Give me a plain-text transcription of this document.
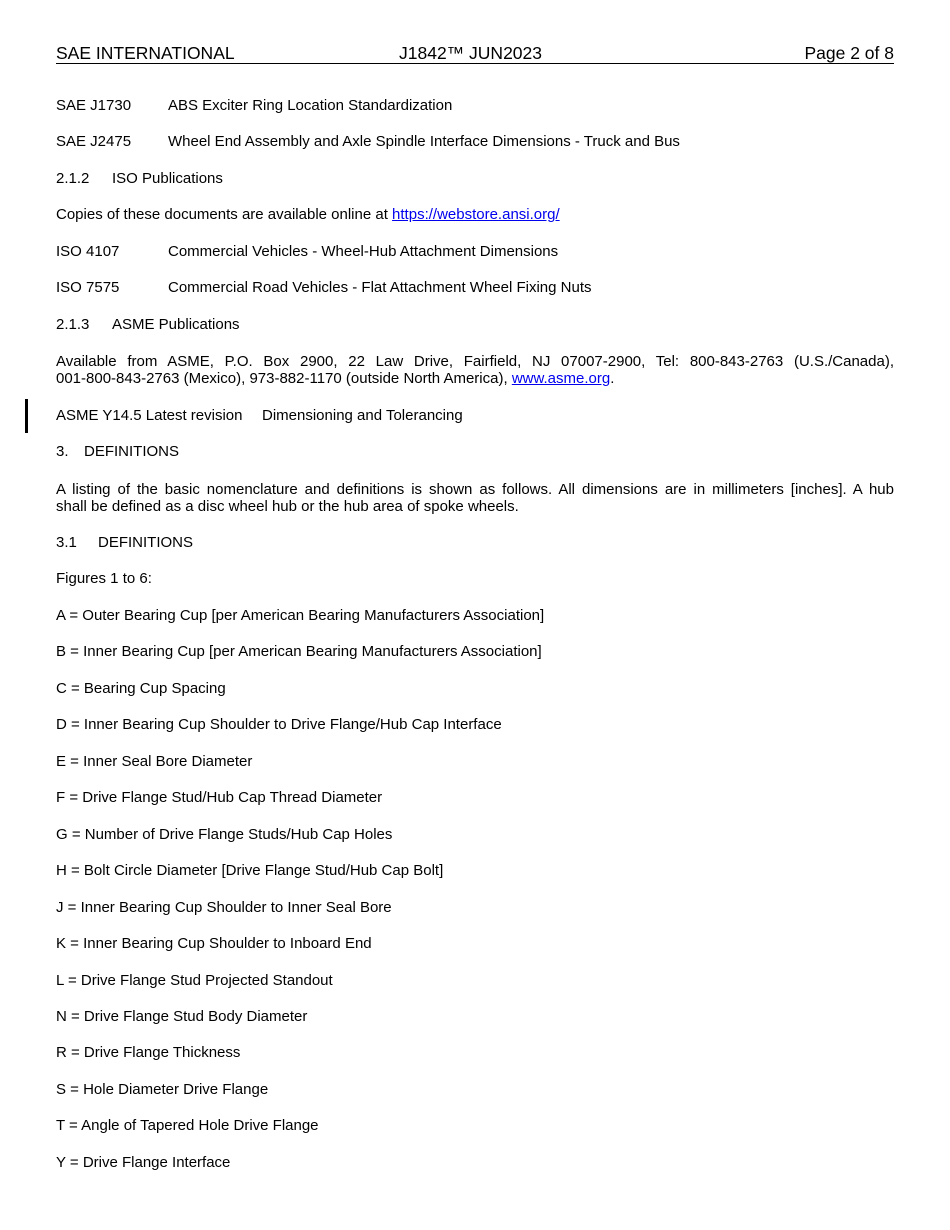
SAE INTERNATIONAL	J1842™ JUN2023	Page 2 of 8
SAE J1730 ABS Exciter Ring Location Standardization
SAE J2475 Wheel End Assembly and Axle Spindle Interface Dimensions - Truck and Bus
2.1.2 ISO Publications
Copies of these documents are available online at https://webstore.ansi.org/
ISO 4107	Commercial Vehicles - Wheel-Hub Attachment Dimensions
ISO 7575	Commercial Road Vehicles - Flat Attachment Wheel Fixing Nuts
2.1.3 ASME Publications
Available from ASME, P.O. Box 2900, 22 Law Drive, Fairfield, NJ 07007-2900, Tel: 800-843-2763 (U.S./Canada),
001-800-843-2763 (Mexico), 973-882-1170 (outside North America), www.asme.org.
ASME Y14.5 Latest revision Dimensioning and Tolerancing
3. DEFINITIONS
A listing of the basic nomenclature and definitions is shown as follows. All dimensions are in millimeters [inches]. A hub
shall be defined as a disc wheel hub or the hub area of spoke wheels.
3.1 DEFINITIONS
Figures 1 to 6:
A = Outer Bearing Cup [per American Bearing Manufacturers Association]
B = Inner Bearing Cup [per American Bearing Manufacturers Association]
C = Bearing Cup Spacing
D = Inner Bearing Cup Shoulder to Drive Flange/Hub Cap Interface
E = Inner Seal Bore Diameter
F = Drive Flange Stud/Hub Cap Thread Diameter
G = Number of Drive Flange Studs/Hub Cap Holes
H = Bolt Circle Diameter [Drive Flange Stud/Hub Cap Bolt]
J = Inner Bearing Cup Shoulder to Inner Seal Bore
K = Inner Bearing Cup Shoulder to Inboard End
L = Drive Flange Stud Projected Standout
N = Drive Flange Stud Body Diameter
R = Drive Flange Thickness
S = Hole Diameter Drive Flange
T = Angle of Tapered Hole Drive Flange
Y = Drive Flange Interface
